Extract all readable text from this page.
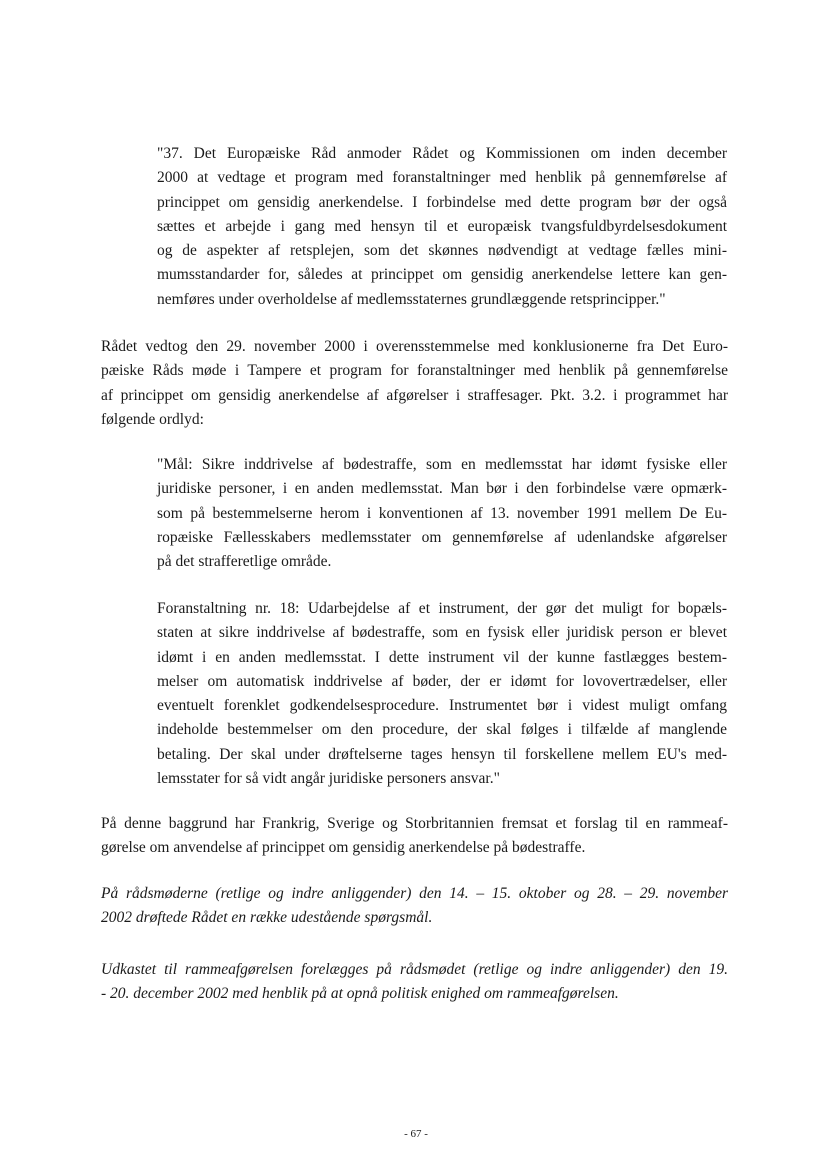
"37. Det Europæiske Råd anmoder Rådet og Kommissionen om inden december
2000 at vedtage et program med foranstaltninger med henblik på gennemførelse af
princippet om gensidig anerkendelse. I forbindelse med dette program bør der også
sættes et arbejde i gang med hensyn til et europæisk tvangsfuldbyrdelsesdokument
og de aspekter af retsplejen, som det skønnes nødvendigt at vedtage fælles mini-
mumsstandarder for, således at princippet om gensidig anerkendelse lettere kan gen-
nemføres under overholdelse af medlemsstaternes grundlæggende retsprincipper."
Rådet vedtog den 29. november 2000 i overensstemmelse med konklusionerne fra Det Euro-
pæiske Råds møde i Tampere et program for foranstaltninger med henblik på gennemførelse
af princippet om gensidig anerkendelse af afgørelser i straffesager. Pkt. 3.2. i programmet har
følgende ordlyd:
"Mål: Sikre inddrivelse af bødestraffe, som en medlemsstat har idømt fysiske eller
juridiske personer, i en anden medlemsstat. Man bør i den forbindelse være opmærk-
som på bestemmelserne herom i konventionen af 13. november 1991 mellem De Eu-
ropæiske Fællesskabers medlemsstater om gennemførelse af udenlandske afgørelser
på det strafferetlige område.
Foranstaltning nr. 18: Udarbejdelse af et instrument, der gør det muligt for bopæls-
staten at sikre inddrivelse af bødestraffe, som en fysisk eller juridisk person er blevet
idømt i en anden medlemsstat. I dette instrument vil der kunne fastlægges bestem-
melser om automatisk inddrivelse af bøder, der er idømt for lovovertrædelser, eller
eventuelt forenklet godkendelsesprocedure. Instrumentet bør i videst muligt omfang
indeholde bestemmelser om den procedure, der skal følges i tilfælde af manglende
betaling. Der skal under drøftelserne tages hensyn til forskellene mellem EU's med-
lemsstater for så vidt angår juridiske personers ansvar."
På denne baggrund har Frankrig, Sverige og Storbritannien fremsat et forslag til en rammeaf-
gørelse om anvendelse af princippet om gensidig anerkendelse på bødestraffe.
På rådsmøderne (retlige og indre anliggender) den 14. – 15. oktober og 28. – 29. november
2002 drøftede Rådet en række udestående spørgsmål.
Udkastet til rammeafgørelsen forelægges på rådsmødet (retlige og indre anliggender) den 19.
- 20. december 2002 med henblik på at opnå politisk enighed om rammeafgørelsen.
- 67 -
